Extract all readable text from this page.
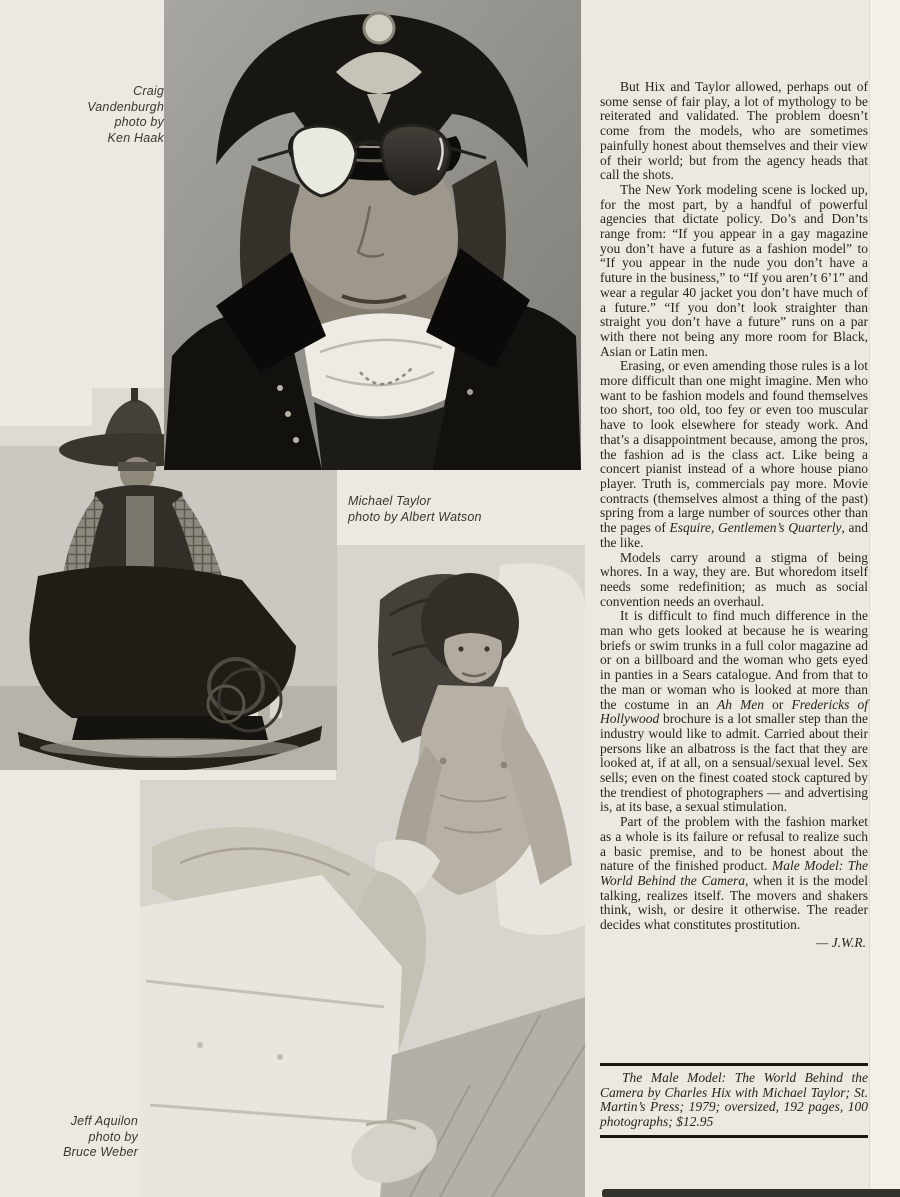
Craig
Vandenburgh
photo by
Ken Haak
Michael Taylor
photo by Albert Watson
Jeff Aquilon
photo by
Bruce Weber

But Hix and Taylor allowed, perhaps out of some sense of fair play, a lot of mythology to be reiterated and validated. The problem doesn’t come from the models, who are sometimes painfully honest about themselves and their view of their world; but from the agency heads that call the shots.

The New York modeling scene is locked up, for the most part, by a handful of powerful agencies that dictate policy. Do’s and Don’ts range from: “If you appear in a gay magazine you don’t have a future as a fashion model” to “If you appear in the nude you don’t have a future in the business,” to “If you aren’t 6’1” and wear a regular 40 jacket you don’t have much of a future.” “If you don’t look straighter than straight you don’t have a future” runs on a par with there not being any more room for Black, Asian or Latin men.

Erasing, or even amending those rules is a lot more difficult than one might imagine. Men who want to be fashion models and found themselves too short, too old, too fey or even too muscular have to look elsewhere for steady work. And that’s a disappointment because, among the pros, the fashion ad is the class act. Like being a concert pianist instead of a whore house piano player. Truth is, commercials pay more. Movie contracts (themselves almost a thing of the past) spring from a large number of sources other than the pages of Esquire, Gentlemen’s Quarterly, and the like.

Models carry around a stigma of being whores. In a way, they are. But whoredom itself needs some redefinition; as much as social convention needs an overhaul.

It is difficult to find much difference in the man who gets looked at because he is wearing briefs or swim trunks in a full color magazine ad or on a billboard and the woman who gets eyed in panties in a Sears catalogue. And from that to the man or woman who is looked at more than the costume in an Ah Men or Fredericks of Hollywood brochure is a lot smaller step than the industry would like to admit. Carried about their persons like an albatross is the fact that they are looked at, if at all, on a sensual/sexual level. Sex sells; even on the finest coated stock captured by the trendiest of photographers — and advertising is, at its base, a sexual stimulation.

Part of the problem with the fashion market as a whole is its failure or refusal to realize such a basic premise, and to be honest about the nature of the finished product. Male Model: The World Behind the Camera, when it is the model talking, realizes itself. The movers and shakers think, wish, or desire it otherwise. The reader decides what constitutes prostitution.

— J.W.R.

The Male Model: The World Behind the Camera by Charles Hix with Michael Taylor; St. Martin’s Press; 1979; oversized, 192 pages, 100 photographs; $12.95
